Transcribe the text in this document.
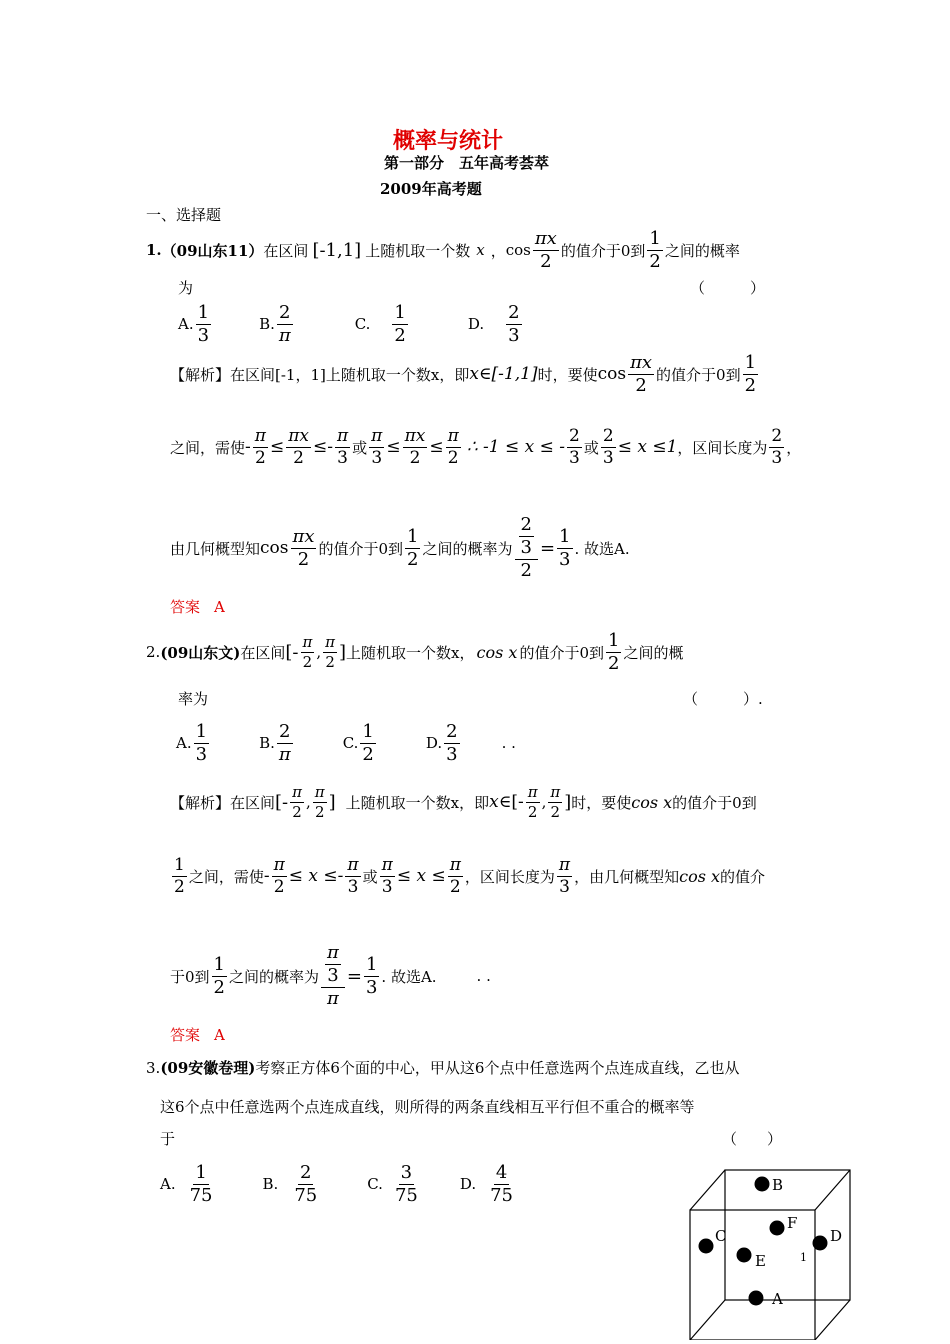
概率与统计
第一部分　五年高考荟萃
2009年高考题
一、选择题
1. （09山东11） 在区间 [-1,1] 上随机取一个数 x ， $\cos \frac{\pi x}{2}$ 的值介于0到 $\frac{1}{2}$ 之间的概率
为	（　　　）
A. $\frac{1}{3}$	B. $\frac{2}{\pi}$	C. $\frac{1}{2}$	D. $\frac{2}{3}$
【解析】 在区间[-1，1]上随机取一个数x，即 x∈[-1,1] 时，要使 $\cos \frac{\pi x}{2}$ 的值介于0到 $\frac{1}{2}$
之间，需使 - $\frac{\pi}{2} \le \frac{\pi x}{2} \le- \frac{\pi}{3}$ 或 $\frac{\pi}{3} \le \frac{\pi x}{2} \le \frac{\pi}{2}$ ∴ -1 ≤ x ≤ - $\frac{2}{3}$ 或 $\frac{2}{3} \le x \le 1$ ，区间长度为 $\frac{2}{3}$ ，
由几何概型知 $\cos \frac{\pi x}{2}$ 的值介于0到 $\frac{1}{2}$ 之间的概率为 $\frac{\frac{2}{3}}{2} = \frac{1}{3}$ . 故选A.
答案 A
2. (09山东文) 在区间 [- $\frac{\pi}{2}$ , $\frac{\pi}{2}$ ] 上随机取一个数x， cos x 的值介于0到 $\frac{1}{2}$ 之间的概
率为	（　　　）.
A. $\frac{1}{3}$	B. $\frac{2}{\pi}$	C. $\frac{1}{2}$	D. $\frac{2}{3}$	. .
【解析】 在区间 [- $\frac{\pi}{2}$ , $\frac{\pi}{2}$ ] 上随机取一个数x，即 x ∈[- $\frac{\pi}{2}$ , $\frac{\pi}{2}$ ] 时，要使 cos x 的值介于0到
$\frac{1}{2}$ 之间，需使 - $\frac{\pi}{2} \le x \le- \frac{\pi}{3}$ 或 $\frac{\pi}{3} \le x \le \frac{\pi}{2}$ ，区间长度为 $\frac{\pi}{3}$ ，由几何概型知 cos x 的值介
于0到 $\frac{1}{2}$ 之间的概率为 $\frac{\frac{\pi}{3}}{\pi} = \frac{1}{3}$ . 故选A.	. .
答案 A
3.(09安徽卷理)考察正方体6个面的中心，甲从这6个点中任意选两个点连成直线，乙也从
这6个点中任意选两个点连成直线，则所得的两条直线相互平行但不重合的概率等
于	（　　）
A. $\frac{1}{75}$	B. $\frac{2}{75}$	C. $\frac{3}{75}$	D. $\frac{4}{75}$	B
F
C
E
D
1
A
